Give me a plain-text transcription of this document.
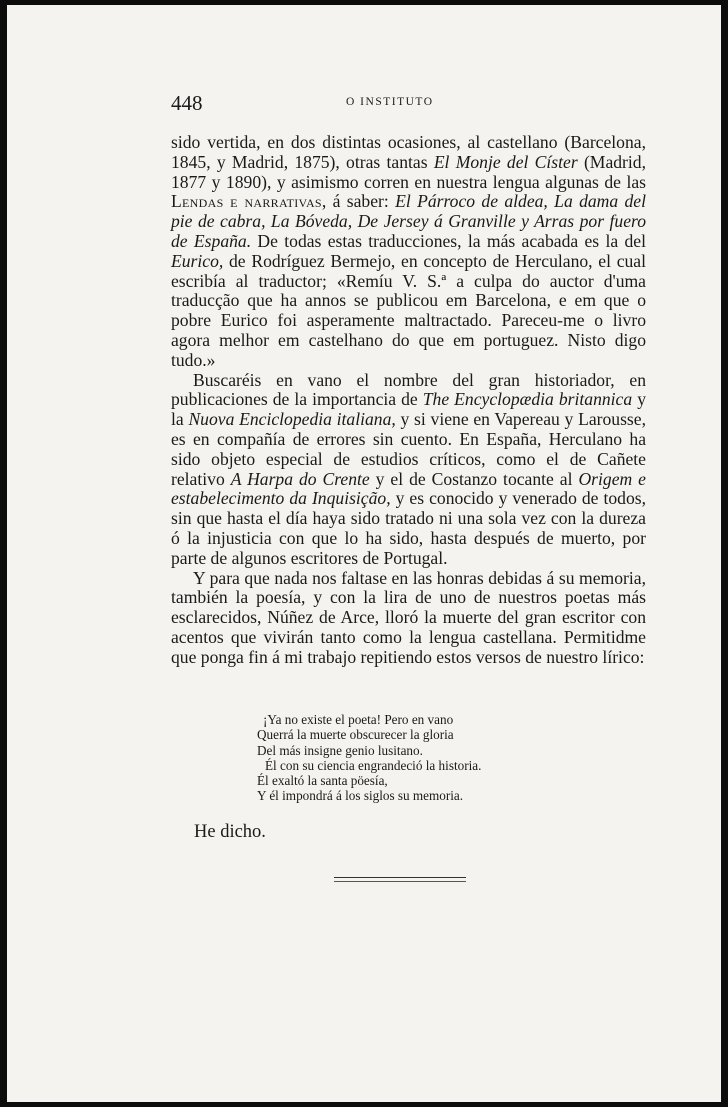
448	O INSTITUTO

sido vertida, en dos distintas ocasiones, al castellano (Barcelona, 1845, y Madrid, 1875), otras tantas El Monje del Císter (Madrid, 1877 y 1890), y asimismo corren en nuestra lengua algunas de las Lendas e narrativas, á saber: El Párroco de aldea, La dama del pie de cabra, La Bóveda, De Jersey á Granville y Arras por fuero de España. De todas estas traducciones, la más acabada es la del Eurico, de Rodríguez Bermejo, en concepto de Herculano, el cual escribía al traductor; «Remíu V. S.ª a culpa do auctor d'uma traducção que ha annos se publicou em Barcelona, e em que o pobre Eurico foi asperamente maltractado. Pareceu-me o livro agora melhor em castelhano do que em portuguez. Nisto digo tudo.»

Buscaréis en vano el nombre del gran historiador, en publicaciones de la importancia de The Encyclopædia britannica y la Nuova Enciclopedia italiana, y si viene en Vapereau y Larousse, es en compañía de errores sin cuento. En España, Herculano ha sido objeto especial de estudios críticos, como el de Cañete relativo A Harpa do Crente y el de Costanzo tocante al Origem e estabelecimento da Inquisição, y es conocido y venerado de todos, sin que hasta el día haya sido tratado ni una sola vez con la dureza ó la injusticia con que lo ha sido, hasta después de muerto, por parte de algunos escritores de Portugal.

Y para que nada nos faltase en las honras debidas á su memoria, también la poesía, y con la lira de uno de nuestros poetas más esclarecidos, Núñez de Arce, lloró la muerte del gran escritor con acentos que vivirán tanto como la lengua castellana. Permitidme que ponga fin á mi trabajo repitiendo estos versos de nuestro lírico:

¡Ya no existe el poeta! Pero en vano
Querrá la muerte obscurecer la gloria
Del más insigne genio lusitano.
Él con su ciencia engrandeció la historia.
Él exaltó la santa pöesía,
Y él impondrá á los siglos su memoria.
He dicho.
